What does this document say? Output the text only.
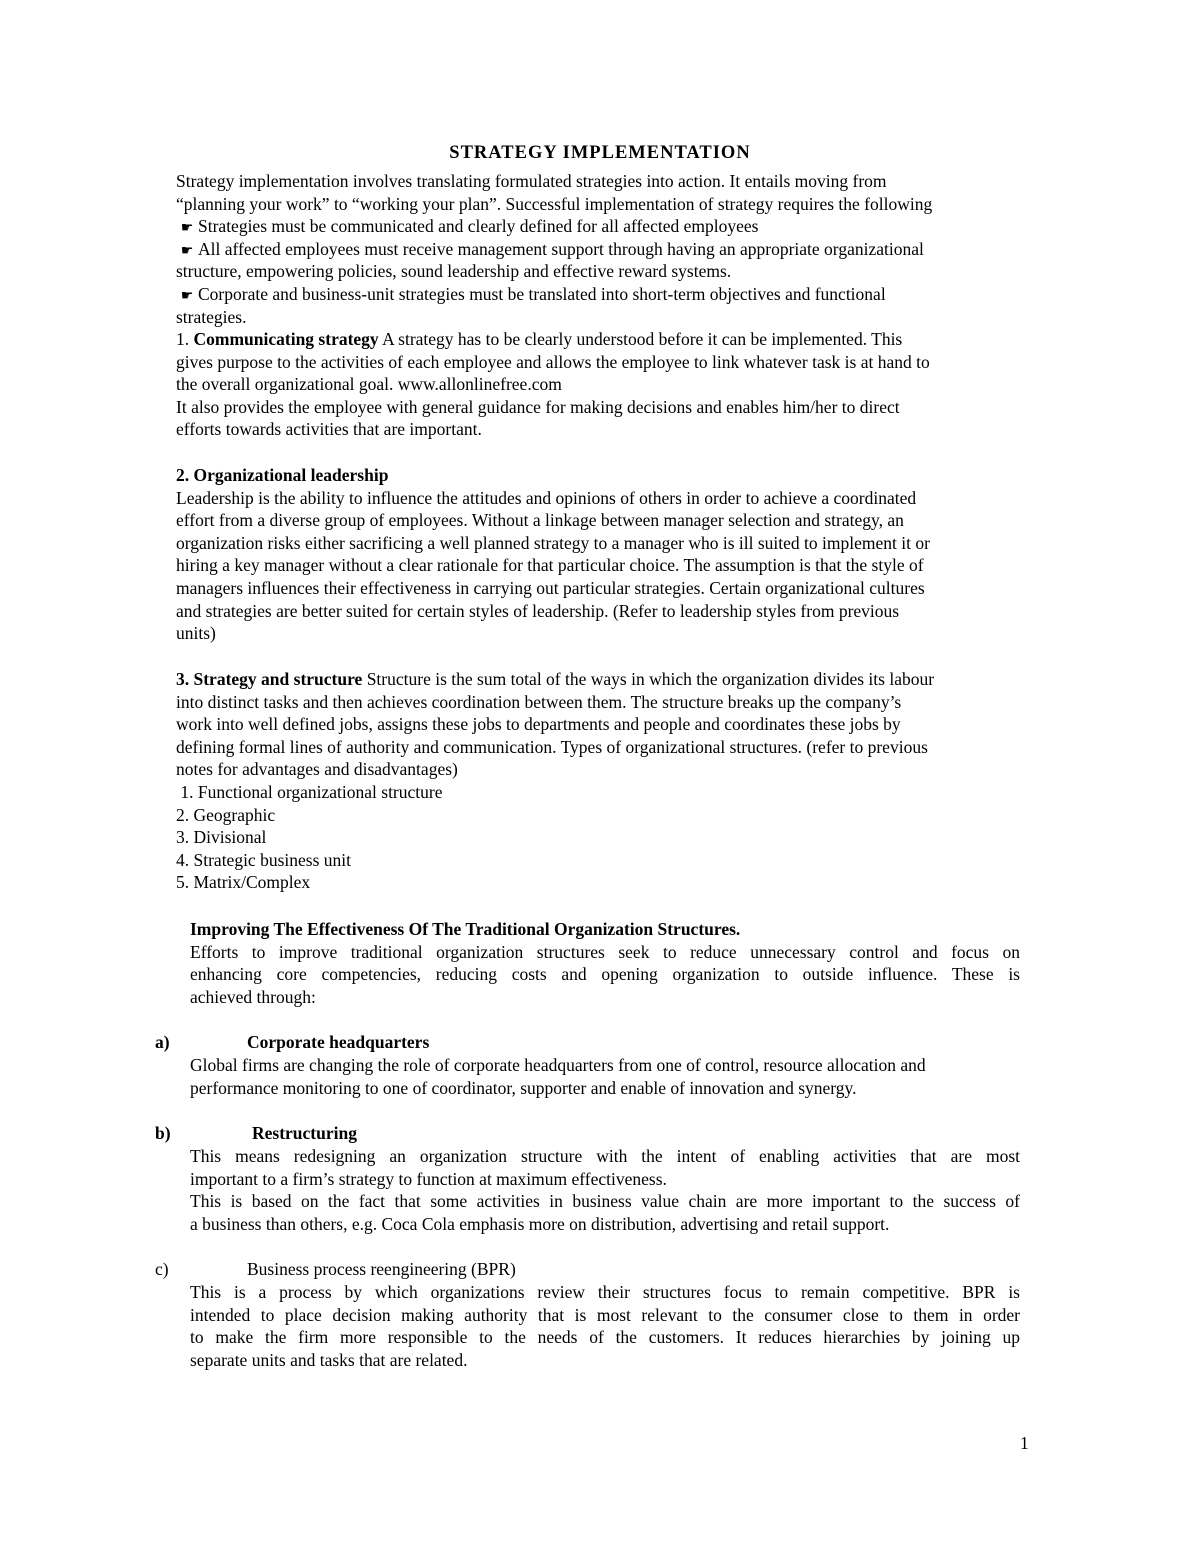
STRATEGY IMPLEMENTATION
Strategy implementation involves translating formulated strategies into action. It entails moving from
“planning your work” to “working your plan”. Successful implementation of strategy requires the following
☛ Strategies must be communicated and clearly defined for all affected employees
☛ All affected employees must receive management support through having an appropriate organizational
structure, empowering policies, sound leadership and effective reward systems.
☛ Corporate and business-unit strategies must be translated into short-term objectives and functional
strategies.
1. Communicating strategy A strategy has to be clearly understood before it can be implemented. This
gives purpose to the activities of each employee and allows the employee to link whatever task is at hand to
the overall organizational goal. www.allonlinefree.com
It also provides the employee with general guidance for making decisions and enables him/her to direct
efforts towards activities that are important.
2. Organizational leadership
Leadership is the ability to influence the attitudes and opinions of others in order to achieve a coordinated
effort from a diverse group of employees. Without a linkage between manager selection and strategy, an
organization risks either sacrificing a well planned strategy to a manager who is ill suited to implement it or
hiring a key manager without a clear rationale for that particular choice. The assumption is that the style of
managers influences their effectiveness in carrying out particular strategies. Certain organizational cultures
and strategies are better suited for certain styles of leadership. (Refer to leadership styles from previous
units)
3. Strategy and structure Structure is the sum total of the ways in which the organization divides its labour
into distinct tasks and then achieves coordination between them. The structure breaks up the company’s
work into well defined jobs, assigns these jobs to departments and people and coordinates these jobs by
defining formal lines of authority and communication. Types of organizational structures. (refer to previous
notes for advantages and disadvantages)
1. Functional organizational structure
2. Geographic
3. Divisional
4. Strategic business unit
5. Matrix/Complex
Improving The Effectiveness Of The Traditional Organization Structures.
Efforts to improve traditional organization structures seek to reduce unnecessary control and focus on
enhancing core competencies, reducing costs and opening organization to outside influence. These is
achieved through:
a)	Corporate headquarters
Global firms are changing the role of corporate headquarters from one of control, resource allocation and
performance monitoring to one of coordinator, supporter and enable of innovation and synergy.
b)	Restructuring
This means redesigning an organization structure with the intent of enabling activities that are most
important to a firm’s strategy to function at maximum effectiveness.
This is based on the fact that some activities in business value chain are more important to the success of
a business than others, e.g. Coca Cola emphasis more on distribution, advertising and retail support.
c)	Business process reengineering (BPR)
This is a process by which organizations review their structures focus to remain competitive. BPR is
intended to place decision making authority that is most relevant to the consumer close to them in order
to make the firm more responsible to the needs of the customers. It reduces hierarchies by joining up
separate units and tasks that are related.
1
